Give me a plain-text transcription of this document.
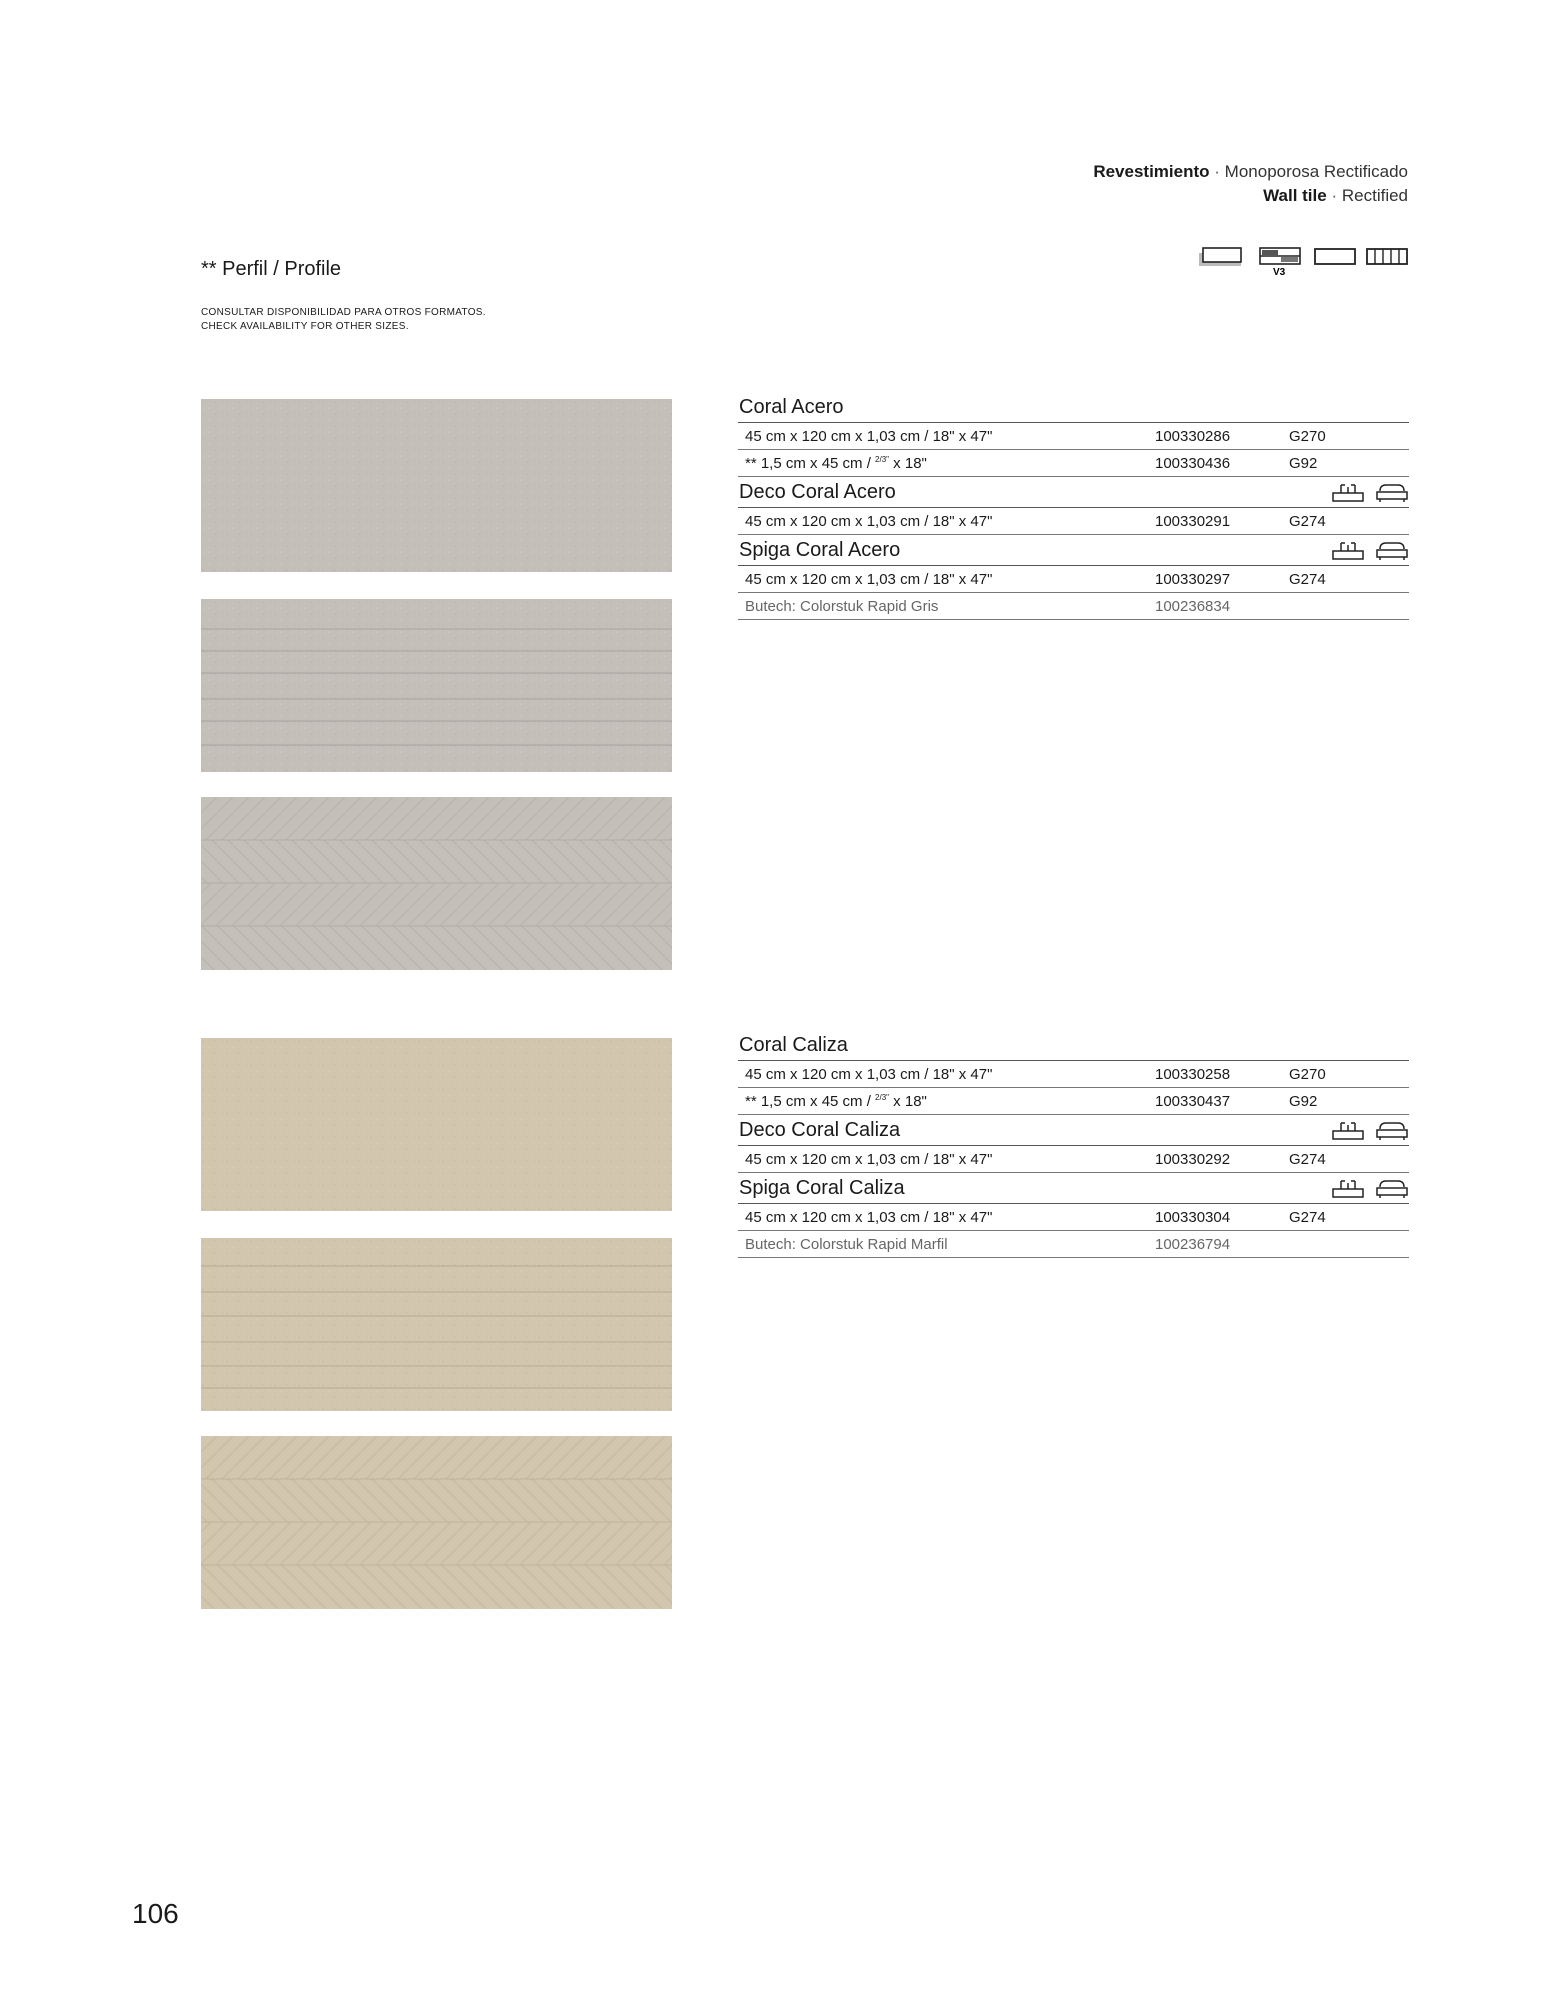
Revestimiento · Monoporosa Rectificado
Wall tile · Rectified
** Perfil / Profile
CONSULTAR DISPONIBILIDAD PARA OTROS FORMATOS.
CHECK AVAILABILITY FOR OTHER SIZES.
V3
Coral Acero
45 cm x 120 cm x 1,03 cm / 18" x 47"	100330286	G270
** 1,5 cm x 45 cm / $^{2/3"}$ x 18"	100330436	G92
Deco Coral Acero
45 cm x 120 cm x 1,03 cm / 18" x 47"	100330291	G274
Spiga Coral Acero
45 cm x 120 cm x 1,03 cm / 18" x 47"	100330297	G274
Butech: Colorstuk Rapid Gris	100236834
Coral Caliza
45 cm x 120 cm x 1,03 cm / 18" x 47"	100330258	G270
** 1,5 cm x 45 cm / $^{2/3"}$ x 18"	100330437	G92
Deco Coral Caliza
45 cm x 120 cm x 1,03 cm / 18" x 47"	100330292	G274
Spiga Coral Caliza
45 cm x 120 cm x 1,03 cm / 18" x 47"	100330304	G274
Butech: Colorstuk Rapid Marfil	100236794
106
